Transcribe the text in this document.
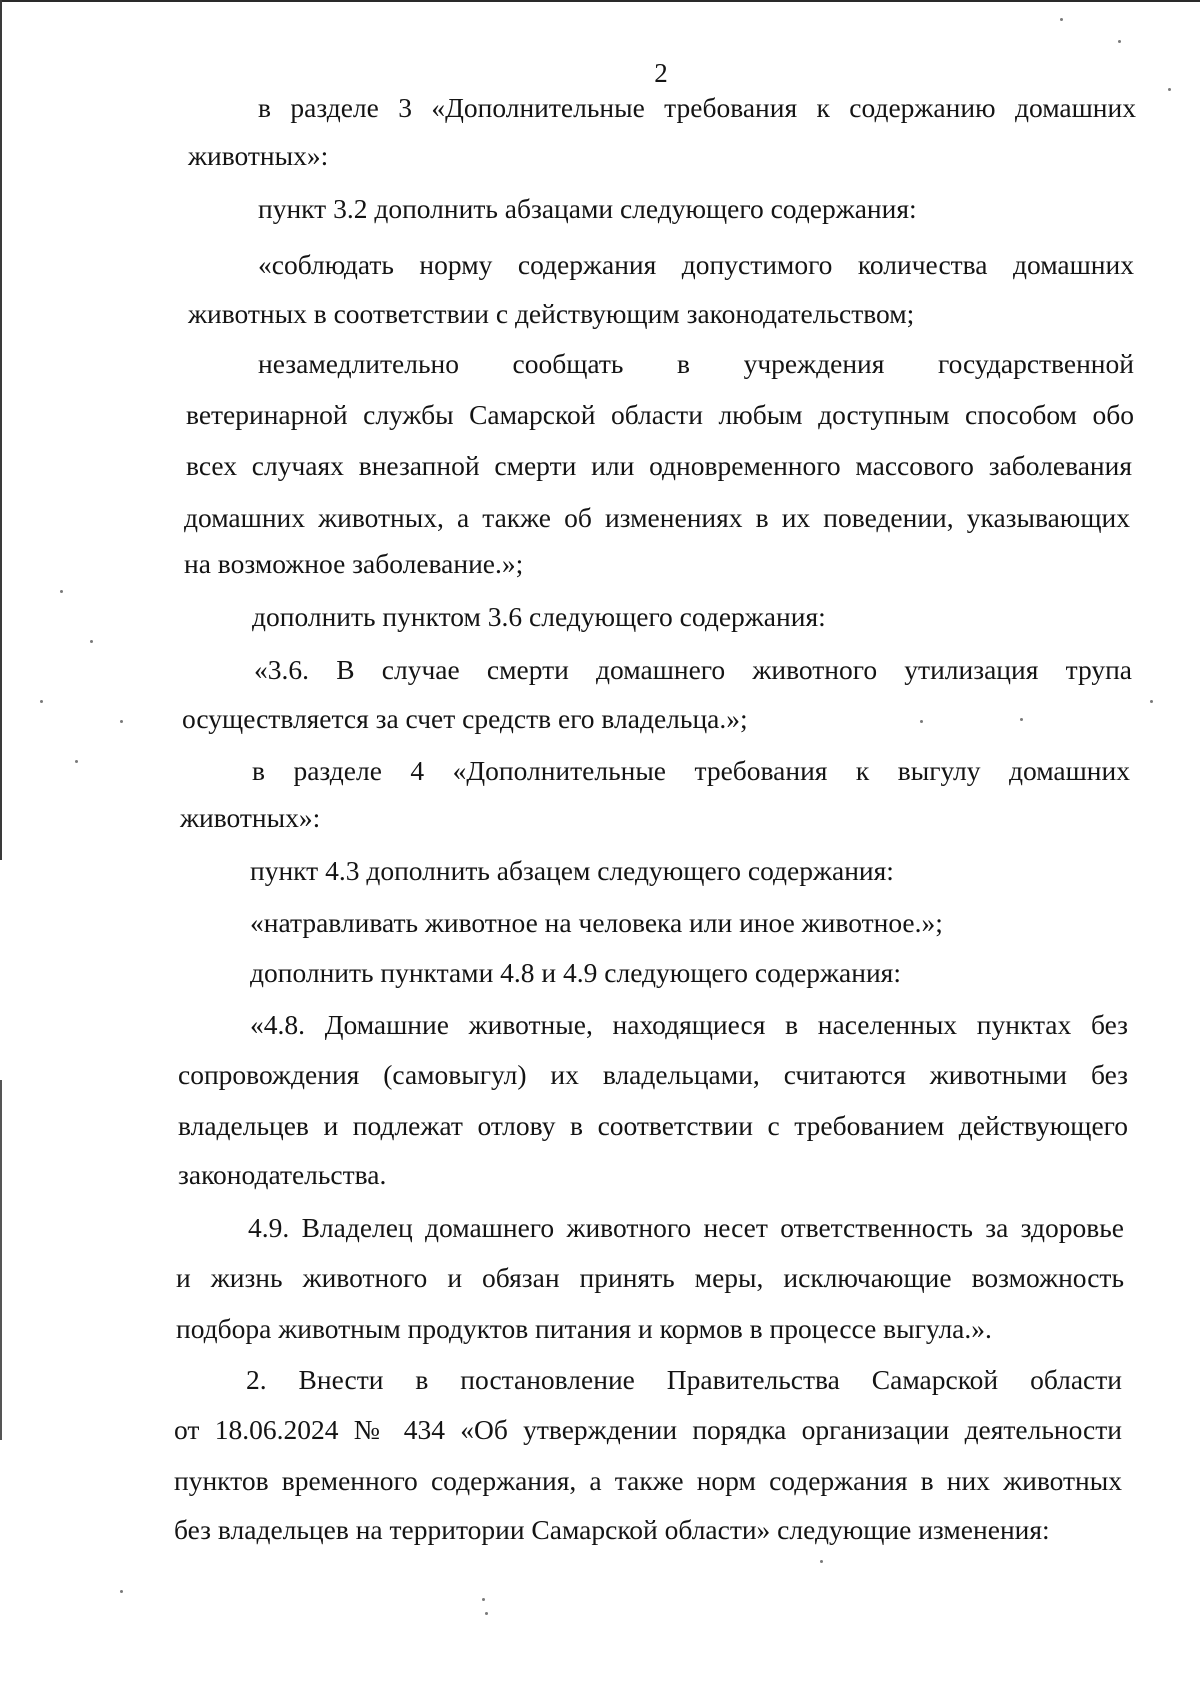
2
в разделе 3 «Дополнительные требования к содержанию домашних
животных»:
пункт 3.2 дополнить абзацами следующего содержания:
«соблюдать норму содержания допустимого количества домашних
животных в соответствии с действующим законодательством;
незамедлительно сообщать в учреждения государственной
ветеринарной службы Самарской области любым доступным способом обо
всех случаях внезапной смерти или одновременного массового заболевания
домашних животных, а также об изменениях в их поведении, указывающих
на возможное заболевание.»;
дополнить пунктом 3.6 следующего содержания:
«3.6. В случае смерти домашнего животного утилизация трупа
осуществляется за счет средств его владельца.»;
в разделе 4 «Дополнительные требования к выгулу домашних
животных»:
пункт 4.3 дополнить абзацем следующего содержания:
«натравливать животное на человека или иное животное.»;
дополнить пунктами 4.8 и 4.9 следующего содержания:
«4.8. Домашние животные, находящиеся в населенных пунктах без
сопровождения (самовыгул) их владельцами, считаются животными без
владельцев и подлежат отлову в соответствии с требованием действующего
законодательства.
4.9. Владелец домашнего животного несет ответственность за здоровье
и жизнь животного и обязан принять меры, исключающие возможность
подбора животным продуктов питания и кормов в процессе выгула.».
2. Внести в постановление Правительства Самарской области
от 18.06.2024 № 434 «Об утверждении порядка организации деятельности
пунктов временного содержания, а также норм содержания в них животных
без владельцев на территории Самарской области» следующие изменения:
